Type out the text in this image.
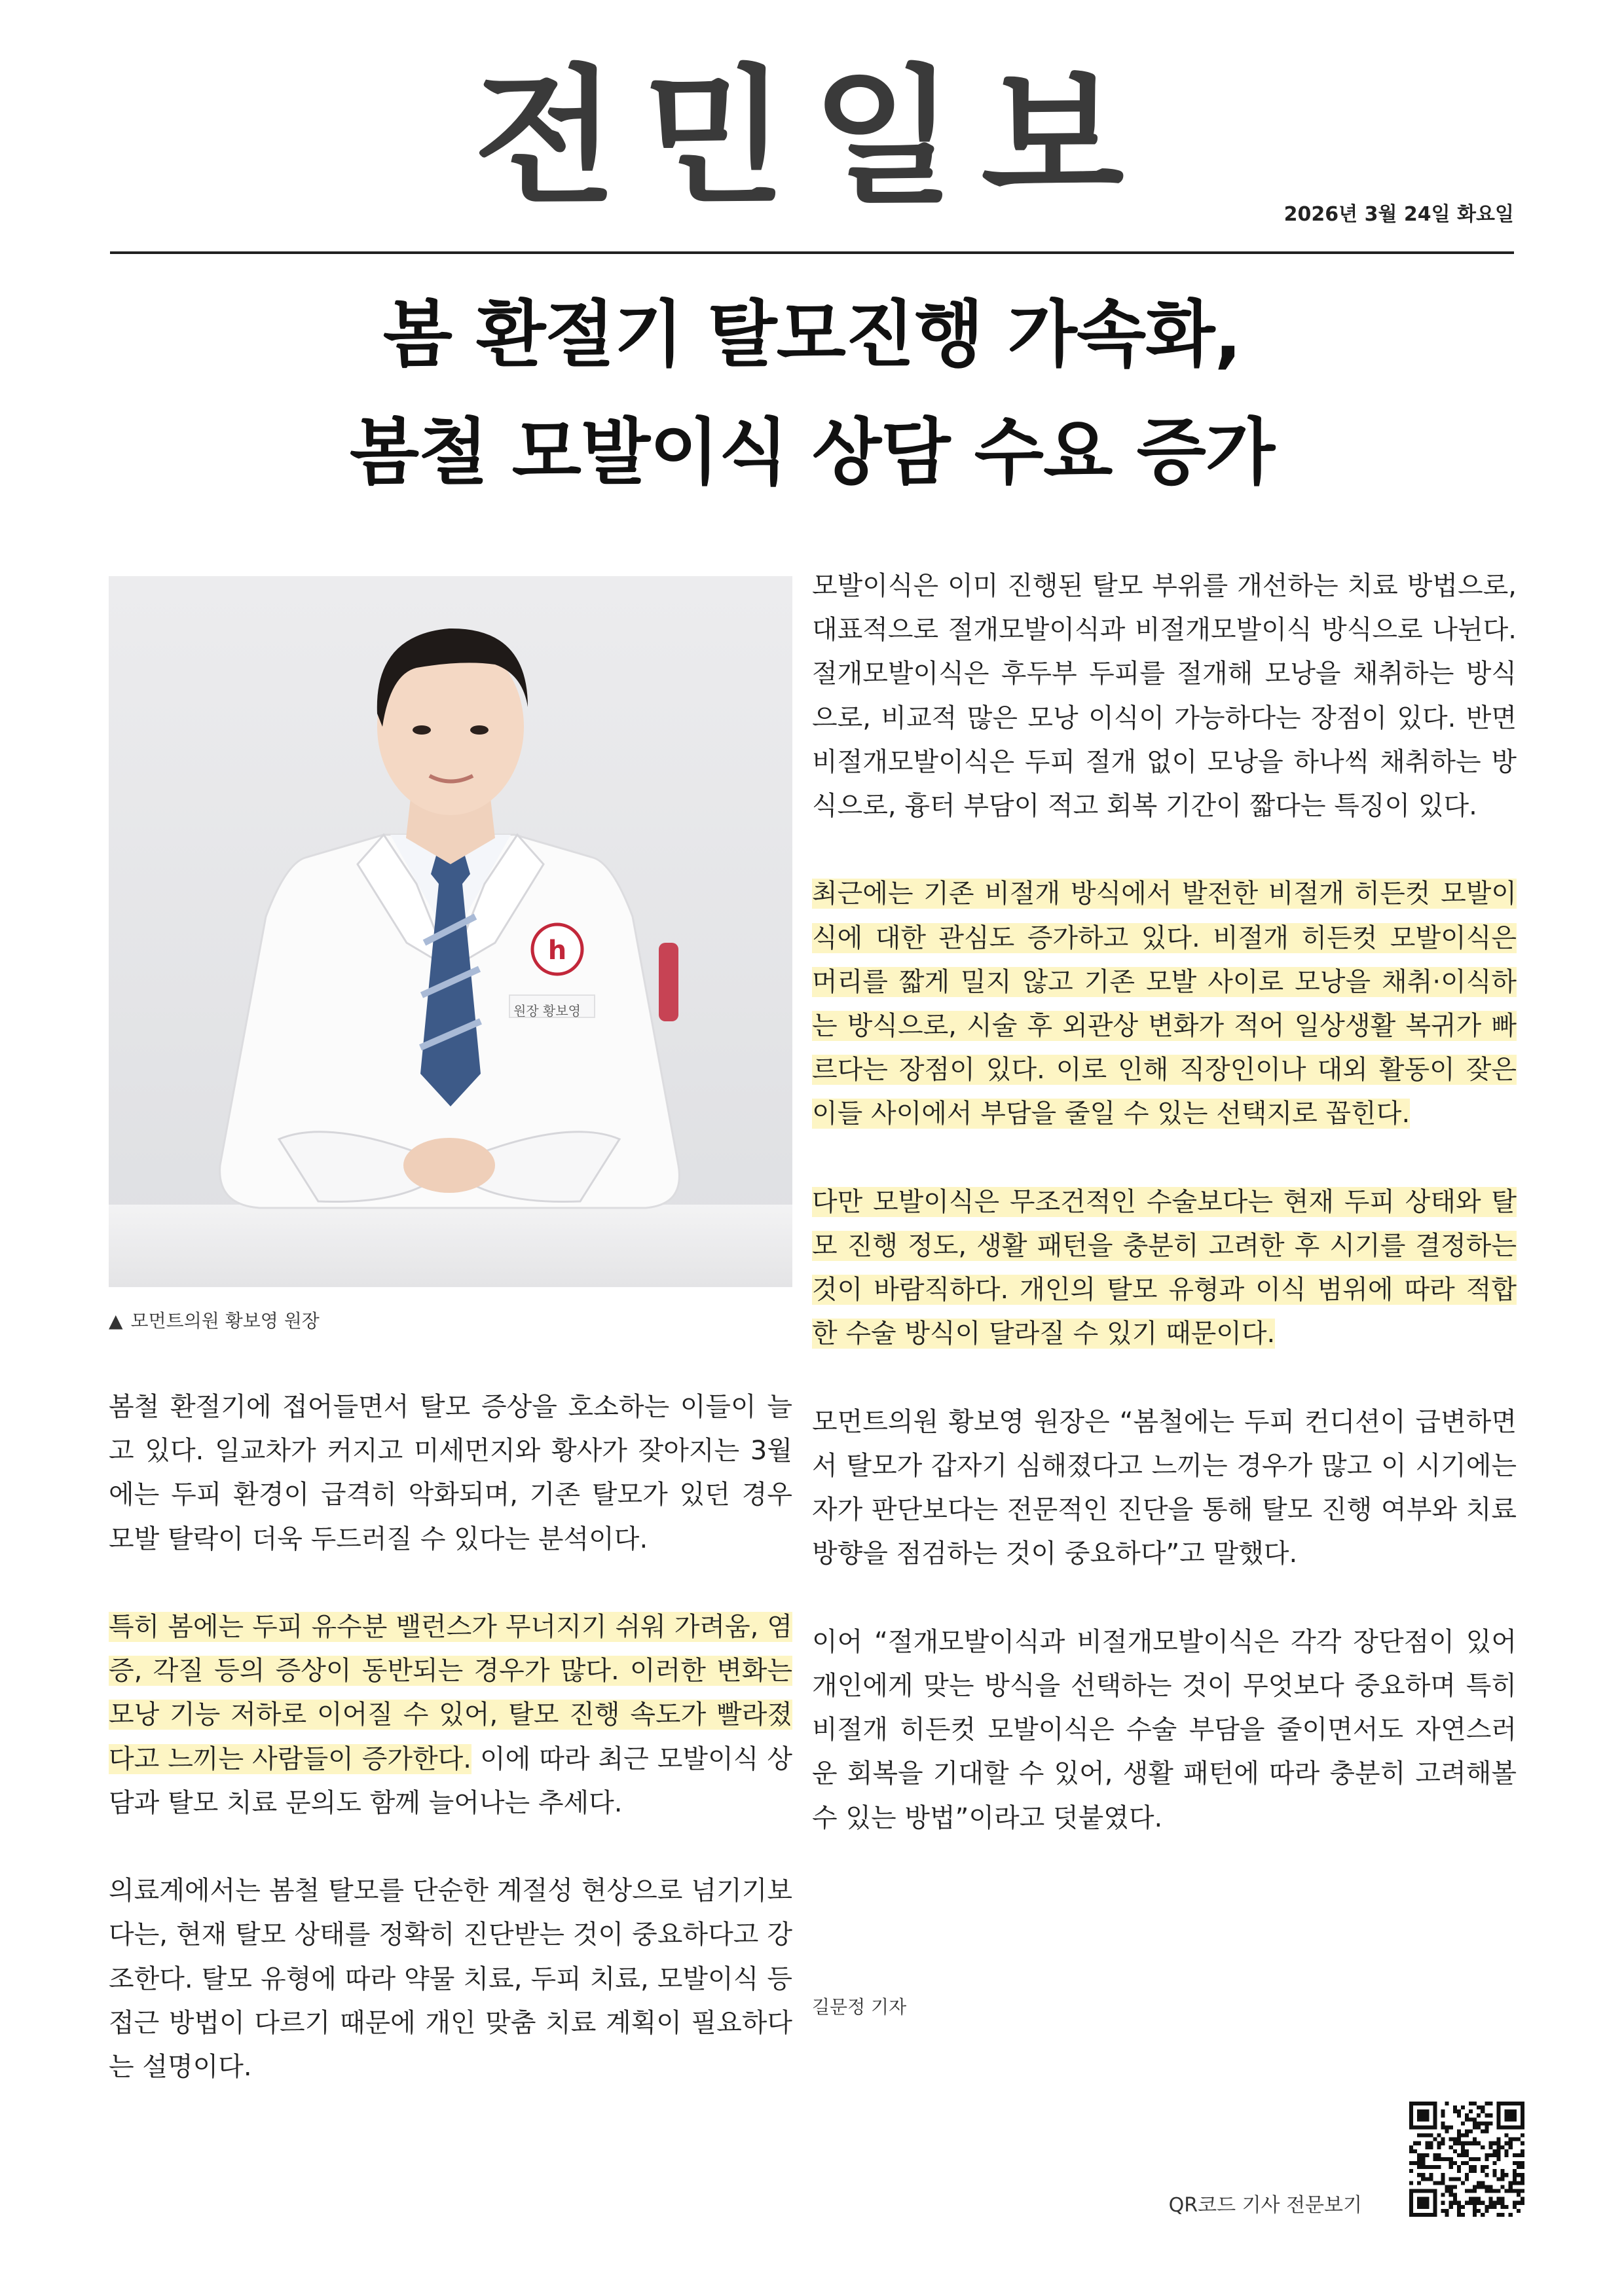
전민일보	2026년 3월 24일 화요일
봄 환절기 탈모진행 가속화,
봄철 모발이식 상담 수요 증가
h
원장 황보영
▲ 모먼트의원 황보영 원장

봄철 환절기에 접어들면서 탈모 증상을 호소하는 이들이 늘고 있다. 일교차가 커지고 미세먼지와 황사가 잦아지는 3월에는 두피 환경이 급격히 악화되며, 기존 탈모가 있던 경우 모발 탈락이 더욱 두드러질 수 있다는 분석이다.

특히 봄에는 두피 유수분 밸런스가 무너지기 쉬워 가려움, 염증, 각질 등의 증상이 동반되는 경우가 많다. 이러한 변화는 모낭 기능 저하로 이어질 수 있어, 탈모 진행 속도가 빨라졌다고 느끼는 사람들이 증가한다. 이에 따라 최근 모발이식 상담과 탈모 치료 문의도 함께 늘어나는 추세다.

의료계에서는 봄철 탈모를 단순한 계절성 현상으로 넘기기보다는, 현재 탈모 상태를 정확히 진단받는 것이 중요하다고 강조한다. 탈모 유형에 따라 약물 치료, 두피 치료, 모발이식 등 접근 방법이 다르기 때문에 개인 맞춤 치료 계획이 필요하다는 설명이다.

모발이식은 이미 진행된 탈모 부위를 개선하는 치료 방법으로, 대표적으로 절개모발이식과 비절개모발이식 방식으로 나뉜다. 절개모발이식은 후두부 두피를 절개해 모낭을 채취하는 방식으로, 비교적 많은 모낭 이식이 가능하다는 장점이 있다. 반면 비절개모발이식은 두피 절개 없이 모낭을 하나씩 채취하는 방식으로, 흉터 부담이 적고 회복 기간이 짧다는 특징이 있다.

최근에는 기존 비절개 방식에서 발전한 비절개 히든컷 모발이식에 대한 관심도 증가하고 있다. 비절개 히든컷 모발이식은 머리를 짧게 밀지 않고 기존 모발 사이로 모낭을 채취·이식하는 방식으로, 시술 후 외관상 변화가 적어 일상생활 복귀가 빠르다는 장점이 있다. 이로 인해 직장인이나 대외 활동이 잦은 이들 사이에서 부담을 줄일 수 있는 선택지로 꼽힌다.

다만 모발이식은 무조건적인 수술보다는 현재 두피 상태와 탈모 진행 정도, 생활 패턴을 충분히 고려한 후 시기를 결정하는 것이 바람직하다. 개인의 탈모 유형과 이식 범위에 따라 적합한 수술 방식이 달라질 수 있기 때문이다.

모먼트의원 황보영 원장은 “봄철에는 두피 컨디션이 급변하면서 탈모가 갑자기 심해졌다고 느끼는 경우가 많고 이 시기에는 자가 판단보다는 전문적인 진단을 통해 탈모 진행 여부와 치료 방향을 점검하는 것이 중요하다”고 말했다.

이어 “절개모발이식과 비절개모발이식은 각각 장단점이 있어 개인에게 맞는 방식을 선택하는 것이 무엇보다 중요하며 특히 비절개 히든컷 모발이식은 수술 부담을 줄이면서도 자연스러운 회복을 기대할 수 있어, 생활 패턴에 따라 충분히 고려해볼 수 있는 방법”이라고 덧붙였다.

길문정 기자
QR코드 기사 전문보기
